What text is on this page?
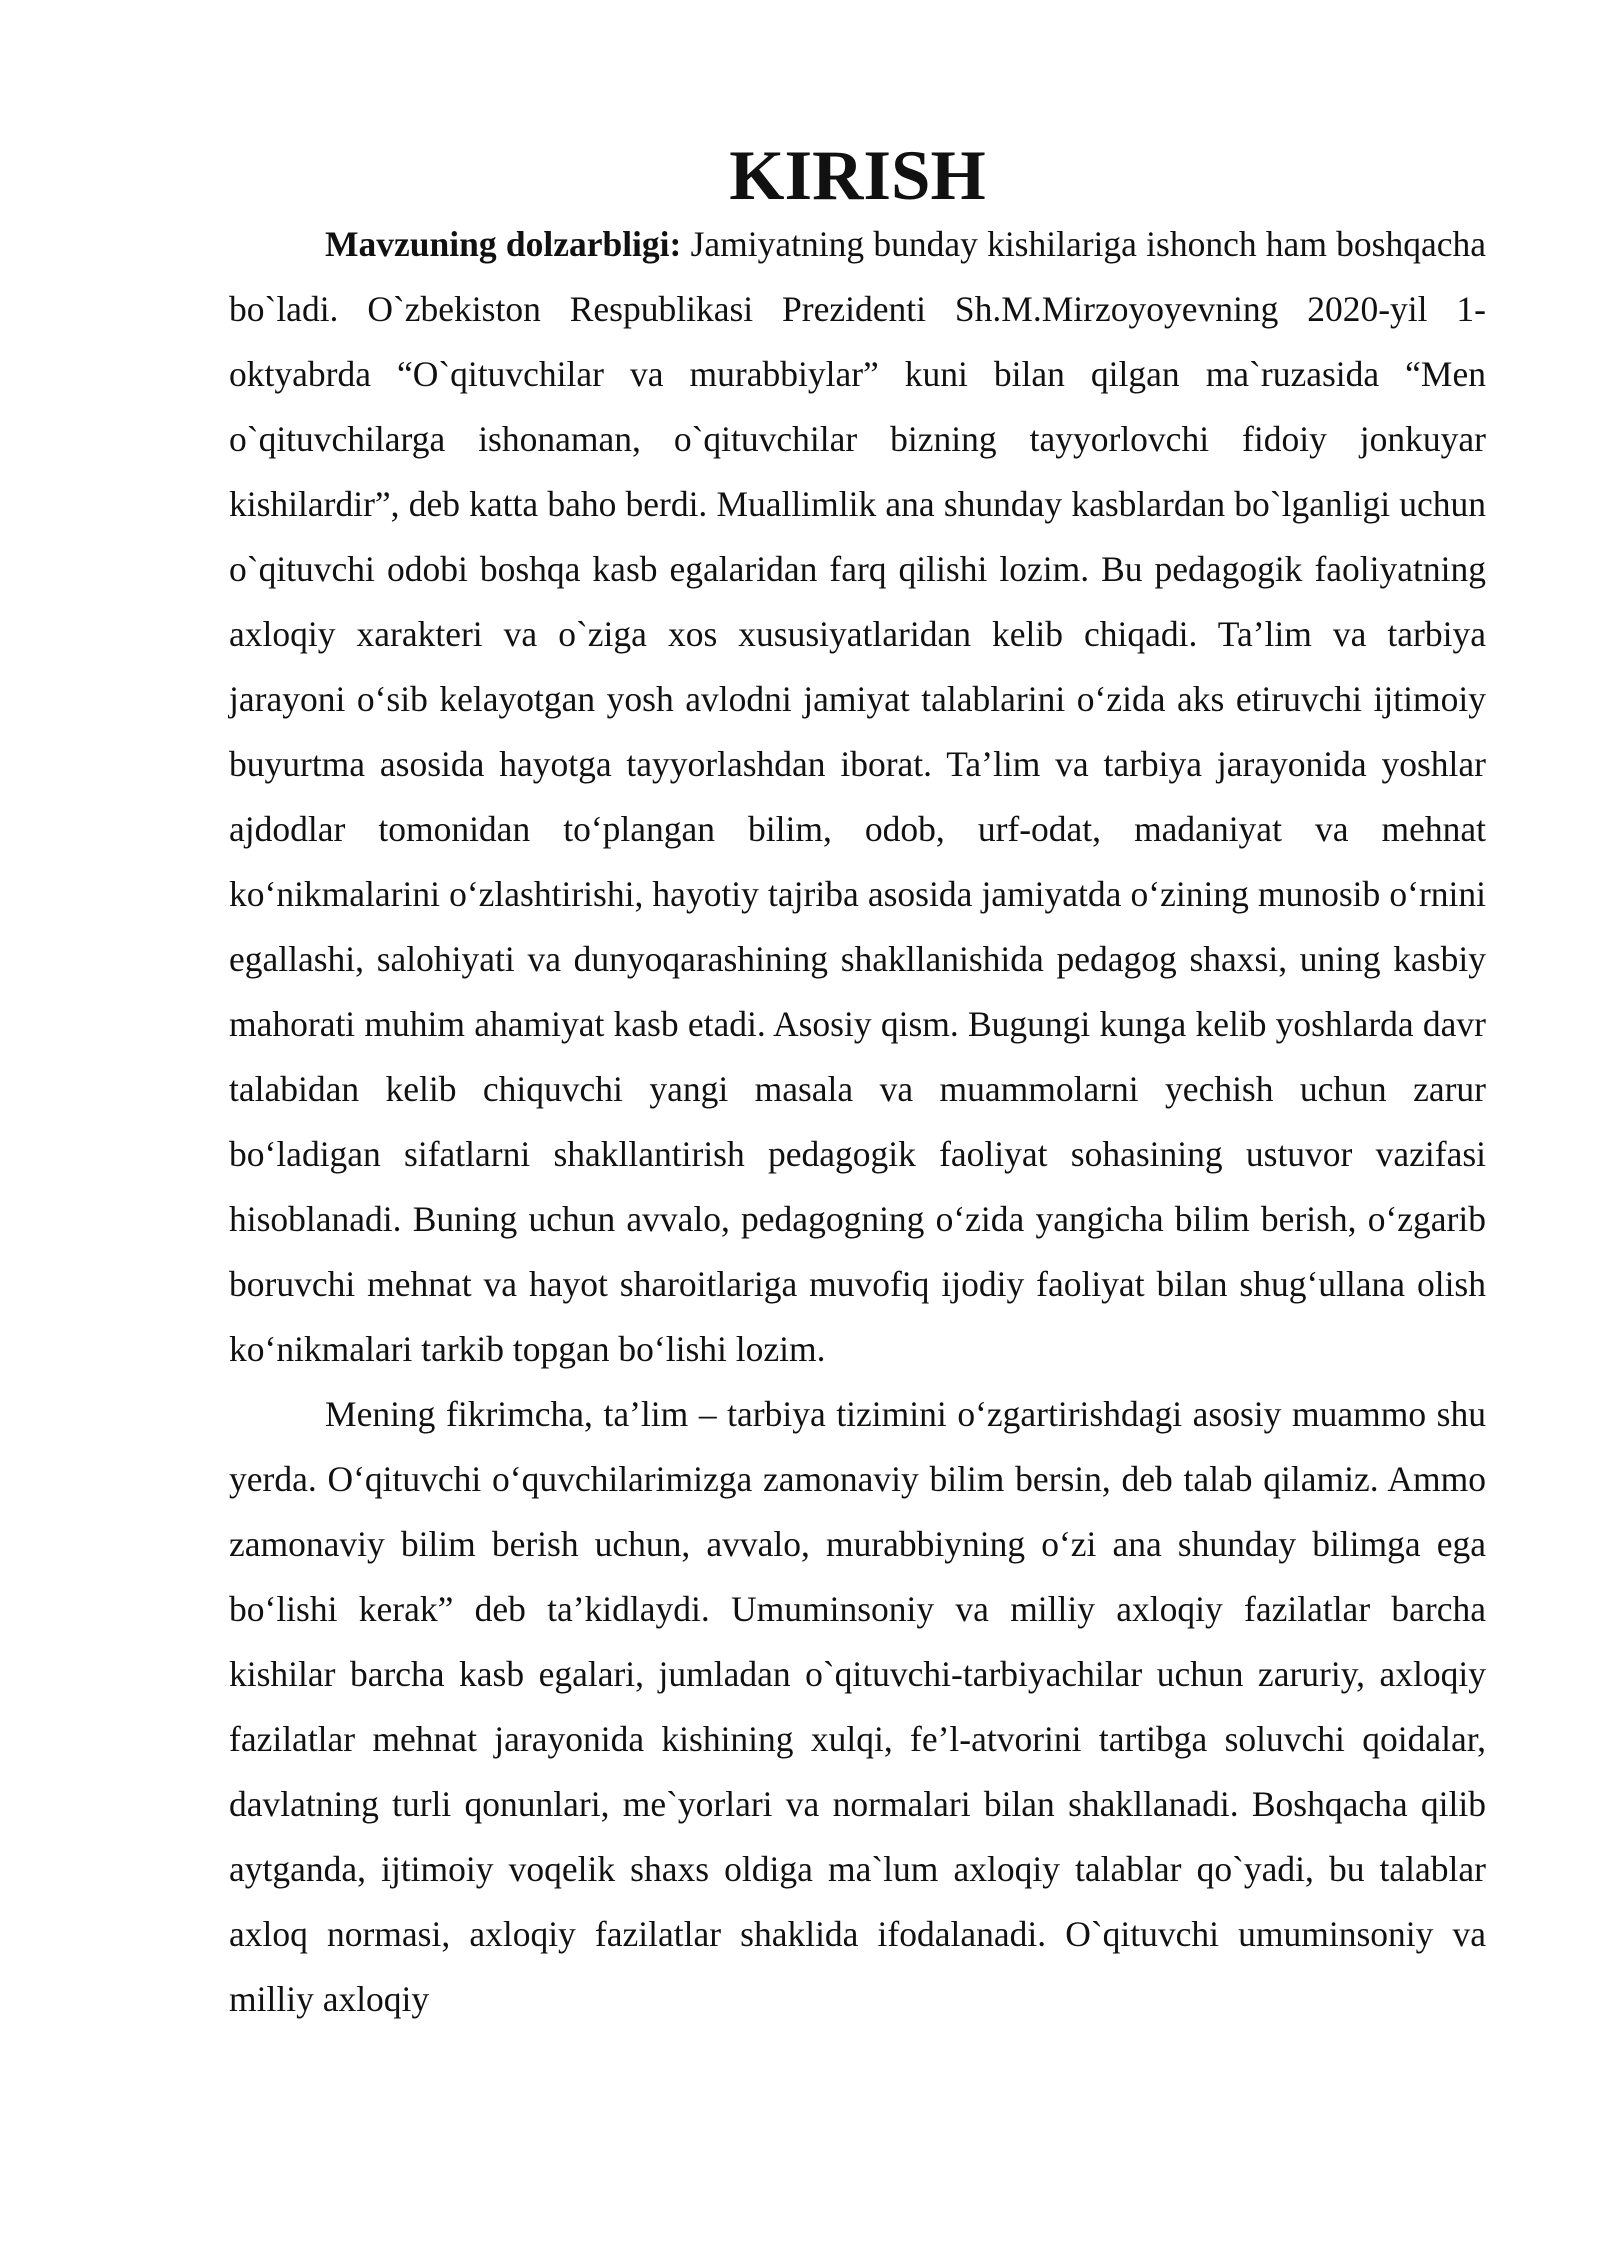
KIRISH

Mavzuning dolzarbligi: Jamiyatning bunday kishilariga ishonch ham boshqacha bo`ladi. O`zbekiston Respublikasi Prezidenti Sh.M.Mirzoyoyevning 2020-yil 1-oktyabrda “O`qituvchilar va murabbiylar” kuni bilan qilgan ma`ruzasida “Men o`qituvchilarga ishonaman, o`qituvchilar bizning tayyorlovchi fidoiy jonkuyar kishilardir”, deb katta baho berdi. Muallimlik ana shunday kasblardan bo`lganligi uchun o`qituvchi odobi boshqa kasb egalaridan farq qilishi lozim. Bu pedagogik faoliyatning axloqiy xarakteri va o`ziga xos xususiyatlaridan kelib chiqadi. Ta’lim va tarbiya jarayoni o‘sib kelayotgan yosh avlodni jamiyat talablarini o‘zida aks etiruvchi ijtimoiy buyurtma asosida hayotga tayyorlashdan iborat. Ta’lim va tarbiya jarayonida yoshlar ajdodlar tomonidan to‘plangan bilim, odob, urf-odat, madaniyat va mehnat ko‘nikmalarini o‘zlashtirishi, hayotiy tajriba asosida jamiyatda o‘zining munosib o‘rnini egallashi, salohiyati va dunyoqarashining shakllanishida pedagog shaxsi, uning kasbiy mahorati muhim ahamiyat kasb etadi. Asosiy qism. Bugungi kunga kelib yoshlarda davr talabidan kelib chiquvchi yangi masala va muammolarni yechish uchun zarur bo‘ladigan sifatlarni shakllantirish pedagogik faoliyat sohasining ustuvor vazifasi hisoblanadi. Buning uchun avvalo, pedagogning o‘zida yangicha bilim berish, o‘zgarib boruvchi mehnat va hayot sharoitlariga muvofiq ijodiy faoliyat bilan shug‘ullana olish ko‘nikmalari tarkib topgan bo‘lishi lozim.

Mening fikrimcha, ta’lim – tarbiya tizimini o‘zgartirishdagi asosiy muammo shu yerda. O‘qituvchi o‘quvchilarimizga zamonaviy bilim bersin, deb talab qilamiz. Ammo zamonaviy bilim berish uchun, avvalo, murabbiyning o‘zi ana shunday bilimga ega bo‘lishi kerak” deb ta’kidlaydi. Umuminsoniy va milliy axloqiy fazilatlar barcha kishilar barcha kasb egalari, jumladan o`qituvchi-tarbiyachilar uchun zaruriy, axloqiy fazilatlar mehnat jarayonida kishining xulqi, fe’l-atvorini tartibga soluvchi qoidalar, davlatning turli qonunlari, me`yorlari va normalari bilan shakllanadi. Boshqacha qilib aytganda, ijtimoiy voqelik shaxs oldiga ma`lum axloqiy talablar qo`yadi, bu talablar axloq normasi, axloqiy fazilatlar shaklida ifodalanadi. O`qituvchi umuminsoniy va milliy axloqiy
